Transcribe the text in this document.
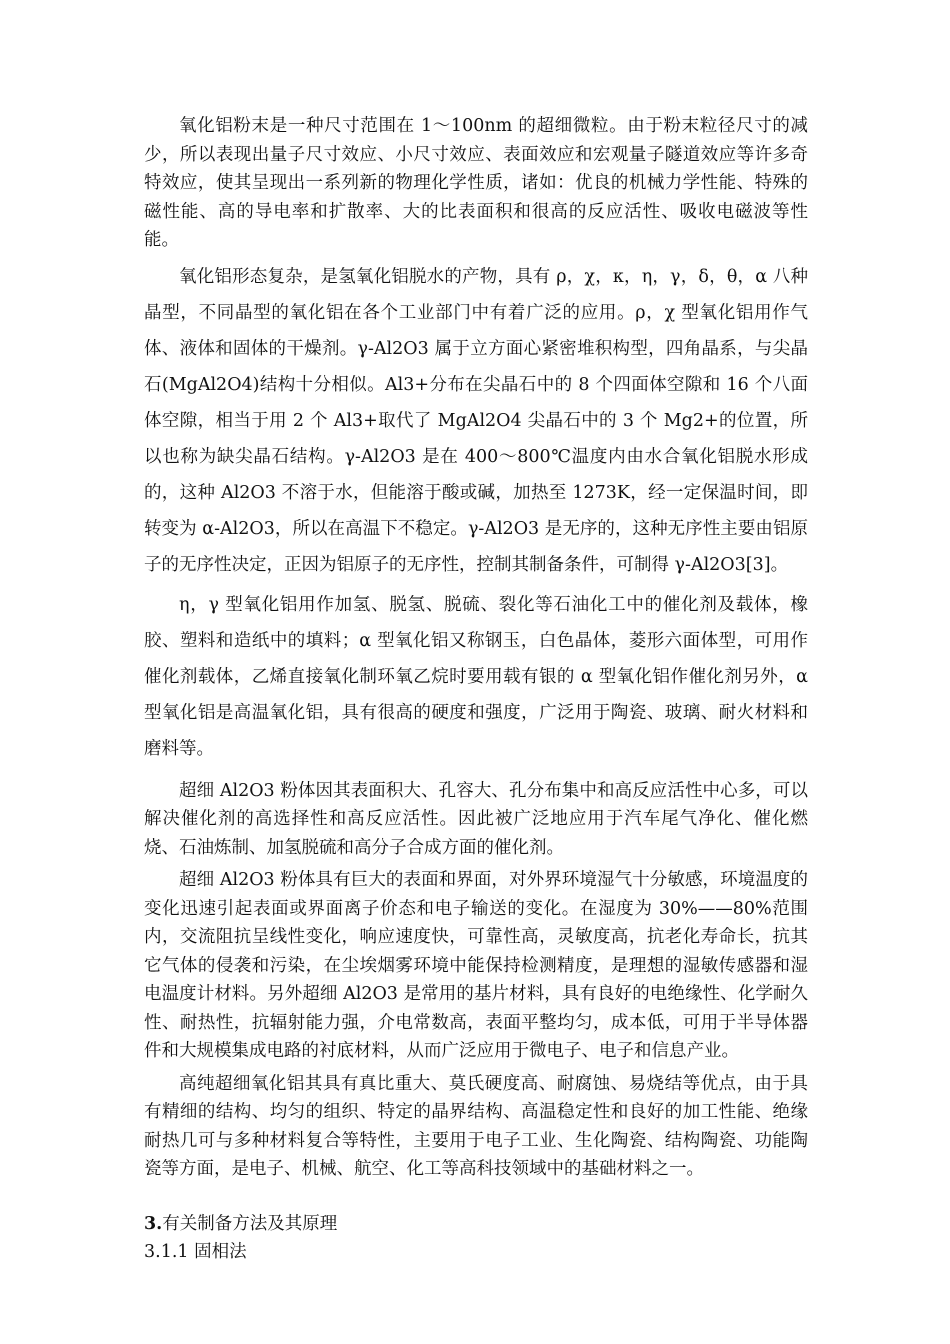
氧化铝粉末是一种尺寸范围在 1～100nm 的超细微粒。由于粉末粒径尺寸的减少，所以表现出量子尺寸效应、小尺寸效应、表面效应和宏观量子隧道效应等许多奇特效应，使其呈现出一系列新的物理化学性质，诸如：优良的机械力学性能、特殊的磁性能、高的导电率和扩散率、大的比表面积和很高的反应活性、吸收电磁波等性能。

氧化铝形态复杂，是氢氧化铝脱水的产物，具有 ρ，χ，κ，η，γ，δ，θ，α 八种晶型，不同晶型的氧化铝在各个工业部门中有着广泛的应用。ρ，χ 型氧化铝用作气体、液体和固体的干燥剂。γ-Al2O3 属于立方面心紧密堆积构型，四角晶系，与尖晶石(MgAl2O4)结构十分相似。Al3+分布在尖晶石中的 8 个四面体空隙和 16 个八面体空隙，相当于用 2 个 Al3+取代了 MgAl2O4 尖晶石中的 3 个 Mg2+的位置，所以也称为缺尖晶石结构。γ-Al2O3 是在 400～800℃温度内由水合氧化铝脱水形成的，这种 Al2O3 不溶于水，但能溶于酸或碱，加热至 1273K，经一定保温时间，即转变为 α-Al2O3，所以在高温下不稳定。γ-Al2O3 是无序的，这种无序性主要由铝原子的无序性决定，正因为铝原子的无序性，控制其制备条件，可制得 γ-Al2O3[3]。

η，γ 型氧化铝用作加氢、脱氢、脱硫、裂化等石油化工中的催化剂及载体，橡胶、塑料和造纸中的填料；α 型氧化铝又称钢玉，白色晶体，菱形六面体型，可用作催化剂载体，乙烯直接氧化制环氧乙烷时要用载有银的 α 型氧化铝作催化剂另外，α 型氧化铝是高温氧化铝，具有很高的硬度和强度，广泛用于陶瓷、玻璃、耐火材料和磨料等。

超细 Al2O3 粉体因其表面积大、孔容大、孔分布集中和高反应活性中心多，可以解决催化剂的高选择性和高反应活性。因此被广泛地应用于汽车尾气净化、催化燃烧、石油炼制、加氢脱硫和高分子合成方面的催化剂。

超细 Al2O3 粉体具有巨大的表面和界面，对外界环境湿气十分敏感，环境温度的变化迅速引起表面或界面离子价态和电子输送的变化。在湿度为 30%——80%范围内，交流阻抗呈线性变化，响应速度快，可靠性高，灵敏度高，抗老化寿命长，抗其它气体的侵袭和污染，在尘埃烟雾环境中能保持检测精度，是理想的湿敏传感器和湿电温度计材料。另外超细 Al2O3 是常用的基片材料，具有良好的电绝缘性、化学耐久性、耐热性，抗辐射能力强，介电常数高，表面平整均匀，成本低，可用于半导体器件和大规模集成电路的衬底材料，从而广泛应用于微电子、电子和信息产业。

高纯超细氧化铝其具有真比重大、莫氏硬度高、耐腐蚀、易烧结等优点，由于具有精细的结构、均匀的组织、特定的晶界结构、高温稳定性和良好的加工性能、绝缘耐热几可与多种材料复合等特性，主要用于电子工业、生化陶瓷、结构陶瓷、功能陶瓷等方面，是电子、机械、航空、化工等高科技领域中的基础材料之一。

3.有关制备方法及其原理
3.1.1 固相法
